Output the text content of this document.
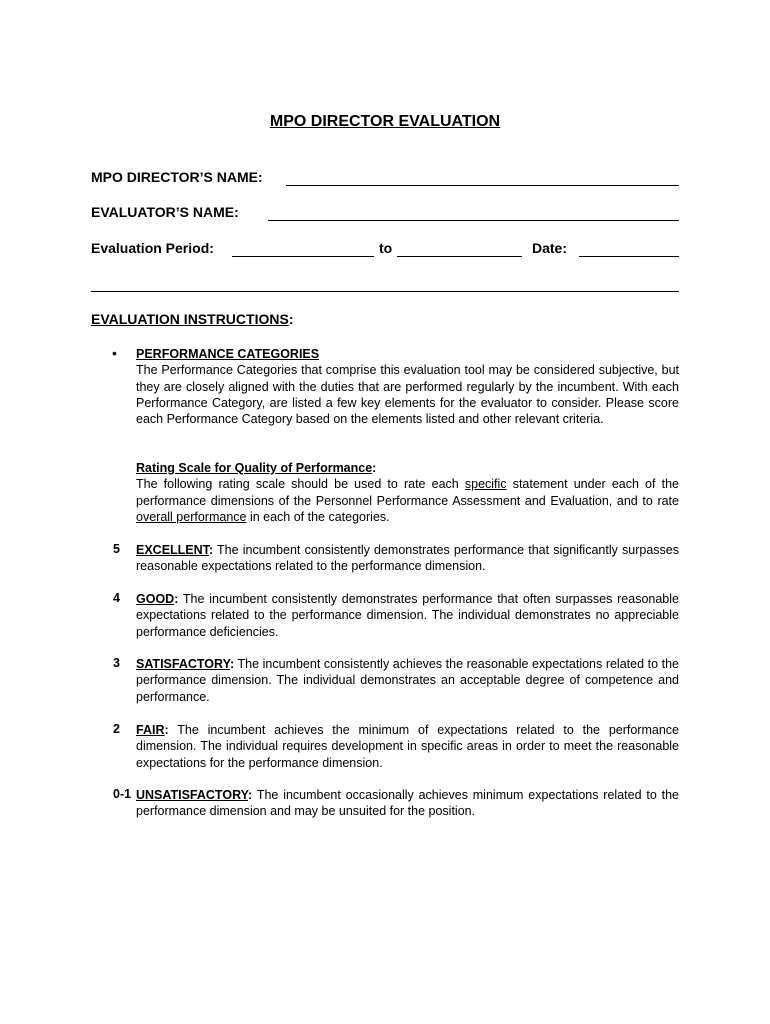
MPO DIRECTOR EVALUATION
MPO DIRECTOR’S NAME:
EVALUATOR’S NAME:
Evaluation Period:	to	Date:
EVALUATION INSTRUCTIONS:
• PERFORMANCE CATEGORIES
The Performance Categories that comprise this evaluation tool may be considered subjective, but they are closely aligned with the duties that are performed regularly by the incumbent. With each Performance Category, are listed a few key elements for the evaluator to consider. Please score each Performance Category based on the elements listed and other relevant criteria.
Rating Scale for Quality of Performance:
The following rating scale should be used to rate each specific statement under each of the performance dimensions of the Personnel Performance Assessment and Evaluation, and to rate overall performance in each of the categories.
5 EXCELLENT: The incumbent consistently demonstrates performance that significantly surpasses reasonable expectations related to the performance dimension.
4 GOOD: The incumbent consistently demonstrates performance that often surpasses reasonable expectations related to the performance dimension. The individual demonstrates no appreciable performance deficiencies.
3 SATISFACTORY: The incumbent consistently achieves the reasonable expectations related to the performance dimension. The individual demonstrates an acceptable degree of competence and performance.
2 FAIR: The incumbent achieves the minimum of expectations related to the performance dimension. The individual requires development in specific areas in order to meet the reasonable expectations for the performance dimension.
0-1 UNSATISFACTORY: The incumbent occasionally achieves minimum expectations related to the performance dimension and may be unsuited for the position.
